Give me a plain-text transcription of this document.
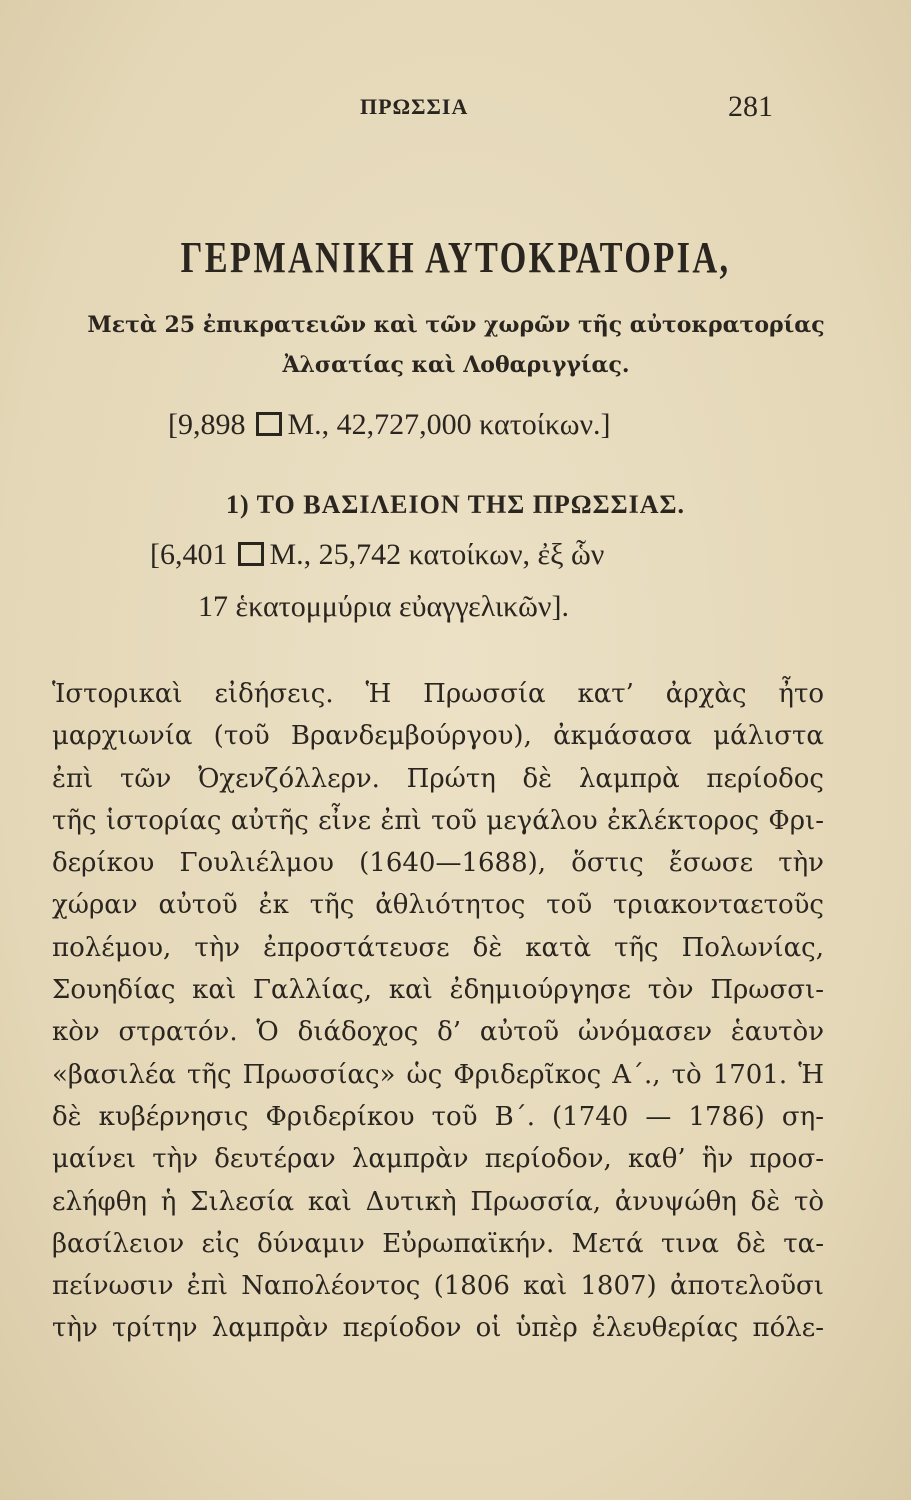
ΠΡΩΣΣΙΑ	281
ΓΕΡΜΑΝΙΚΗ ΑΥΤΟΚΡΑΤΟΡΙΑ,
Μετὰ 25 ἐπικρατειῶν καὶ τῶν χωρῶν τῆς αὐτοκρατορίας
Ἀλσατίας καὶ Λοθαριγγίας.
[9,898 Μ., 42,727,000 κατοίκων.]
1) ΤΟ ΒΑΣΙΛΕΙΟΝ ΤΗΣ ΠΡΩΣΣΙΑΣ.
[6,401 Μ., 25,742 κατοίκων, ἐξ ὧν
17 ἑκατομμύρια εὐαγγελικῶν].
Ἱστορικαὶ εἰδήσεις. Ἡ Πρωσσία κατ’ ἀρχὰς ἦτο
μαρχιωνία (τοῦ Βρανδεμβούργου), ἀκμάσασα μάλιστα
ἐπὶ τῶν Ὀχενζόλλερν. Πρώτη δὲ λαμπρὰ περίοδος
τῆς ἱστορίας αὐτῆς εἶνε ἐπὶ τοῦ μεγάλου ἐκλέκτορος Φρι-
δερίκου Γουλιέλμου (1640—1688), ὅστις ἔσωσε τὴν
χώραν αὐτοῦ ἐκ τῆς ἀθλιότητος τοῦ τριακονταετοῦς
πολέμου, τὴν ἐπροστάτευσε δὲ κατὰ τῆς Πολωνίας,
Σουηδίας καὶ Γαλλίας, καὶ ἐδημιούργησε τὸν Πρωσσι-
κὸν στρατόν. Ὁ διάδοχος δ’ αὐτοῦ ὠνόμασεν ἑαυτὸν
«βασιλέα τῆς Πρωσσίας» ὡς Φριδερῖκος Α΄., τὸ 1701. Ἡ
δὲ κυβέρνησις Φριδερίκου τοῦ Β΄. (1740 — 1786) ση-
μαίνει τὴν δευτέραν λαμπρὰν περίοδον, καθ’ ἣν προσ-
ελήφθη ἡ Σιλεσία καὶ Δυτικὴ Πρωσσία, ἀνυψώθη δὲ τὸ
βασίλειον εἰς δύναμιν Εὐρωπαϊκήν. Μετά τινα δὲ τα-
πείνωσιν ἐπὶ Ναπολέοντος (1806 καὶ 1807) ἀποτελοῦσι
τὴν τρίτην λαμπρὰν περίοδον οἱ ὑπὲρ ἐλευθερίας πόλε-
